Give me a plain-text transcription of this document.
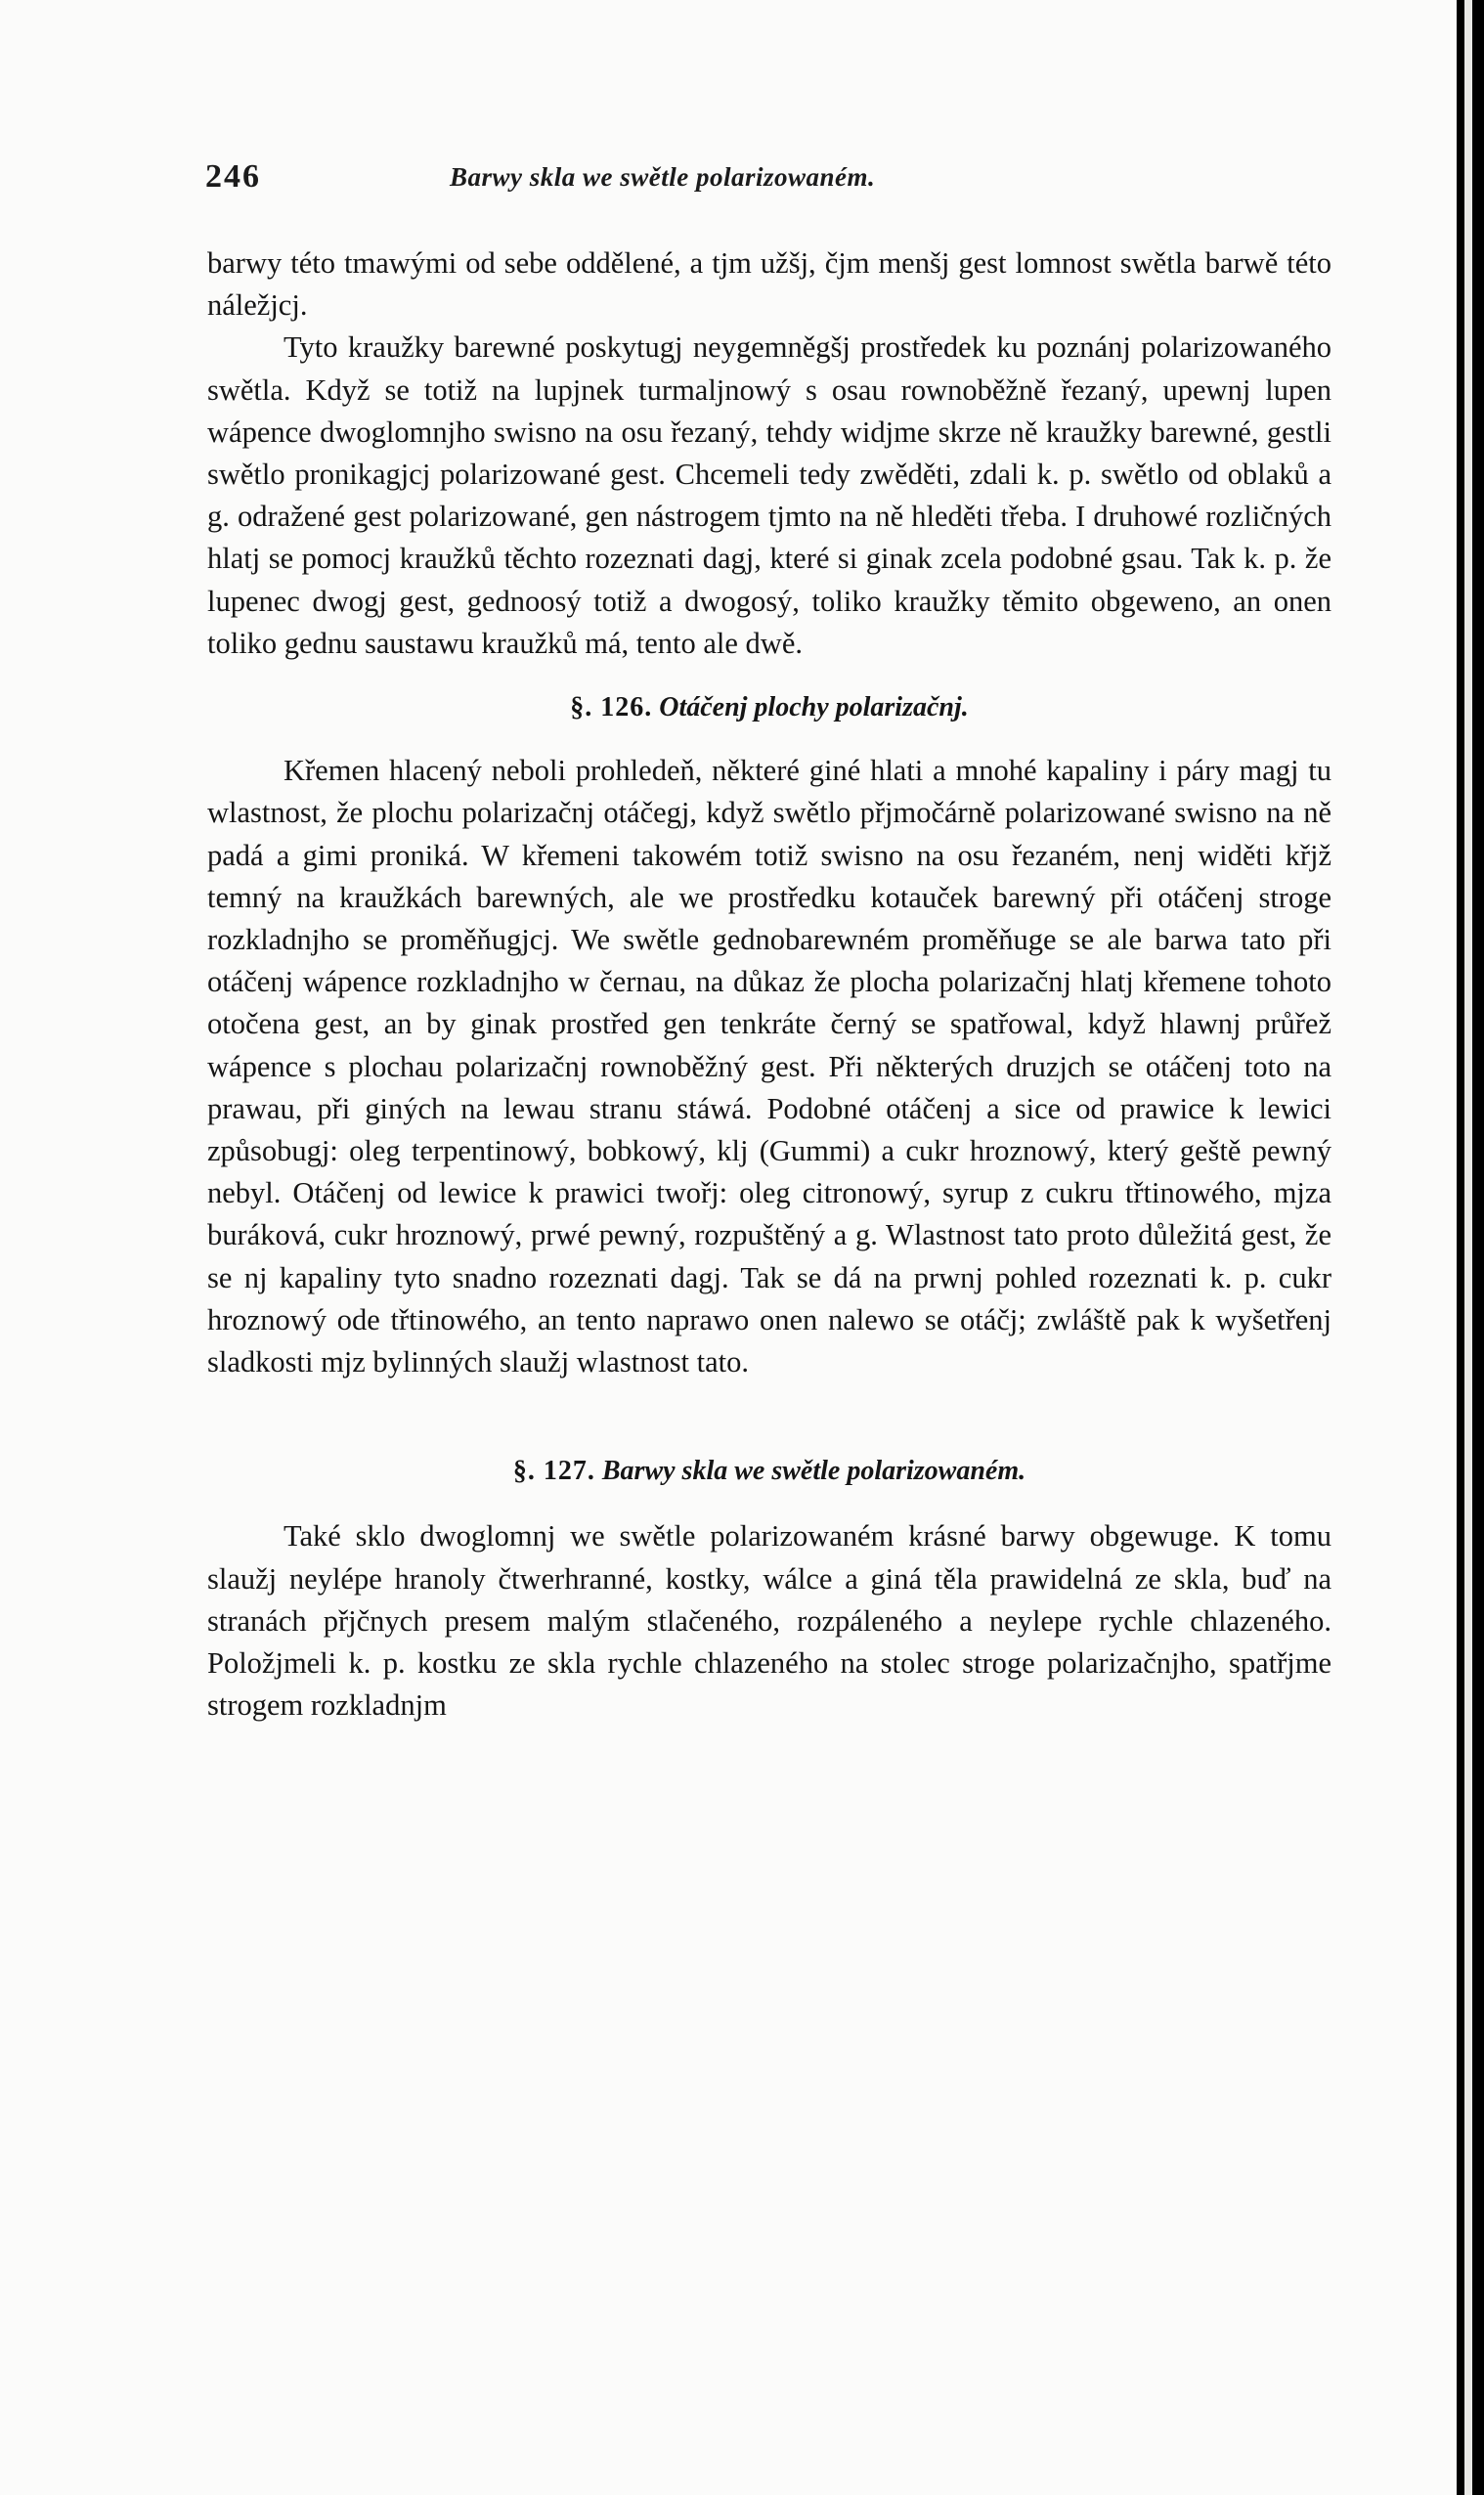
246	Barwy skla we swětle polarizowaném.

barwy této tmawými od sebe oddělené, a tjm užšj, čjm menšj gest lomnost swětla barwě této náležjcj.

Tyto kraužky barewné poskytugj neygemněgšj prostředek ku poznánj polarizowaného swětla. Když se totiž na lupjnek turmaljnowý s osau rownoběžně řezaný, upewnj lupen wápence dwoglomnjho swisno na osu řezaný, tehdy widjme skrze ně kraužky barewné, gestli swětlo pronikagjcj polarizowané gest. Chcemeli tedy zwěděti, zdali k. p. swětlo od oblaků a g. odražené gest polarizowané, gen nástrogem tjmto na ně hleděti třeba. I druhowé rozličných hlatj se pomocj kraužků těchto rozeznati dagj, které si ginak zcela podobné gsau. Tak k. p. že lupenec dwogj gest, gednoosý totiž a dwogosý, toliko kraužky těmito obgeweno, an onen toliko gednu saustawu kraužků má, tento ale dwě.

§. 126. Otáčenj plochy polarizačnj.

Křemen hlacený neboli prohledeň, některé giné hlati a mnohé kapaliny i páry magj tu wlastnost, že plochu polarizačnj otáčegj, když swětlo přjmočárně polarizowané swisno na ně padá a gimi proniká. W křemeni takowém totiž swisno na osu řezaném, nenj widěti křjž temný na kraužkách barewných, ale we prostředku kotauček barewný při otáčenj stroge rozkladnjho se proměňugjcj. We swětle gednobarewném proměňuge se ale barwa tato při otáčenj wápence rozkladnjho w černau, na důkaz že plocha polarizačnj hlatj křemene tohoto otočena gest, an by ginak prostřed gen tenkráte černý se spatřowal, když hlawnj průřež wápence s plochau polarizačnj rownoběžný gest. Při některých druzjch se otáčenj toto na prawau, při giných na lewau stranu stáwá. Podobné otáčenj a sice od prawice k lewici způsobugj: oleg terpentinowý, bobkowý, klj (Gummi) a cukr hroznowý, který geště pewný nebyl. Otáčenj od lewice k prawici twořj: oleg citronowý, syrup z cukru třtinowého, mjza buráková, cukr hroznowý, prwé pewný, rozpuštěný a g. Wlastnost tato proto důležitá gest, že se nj kapaliny tyto snadno rozeznati dagj. Tak se dá na prwnj pohled rozeznati k. p. cukr hroznowý ode třtinowého, an tento naprawo onen nalewo se otáčj; zwláště pak k wyšetřenj sladkosti mjz bylinných slaužj wlastnost tato.

§. 127. Barwy skla we swětle polarizowaném.

Také sklo dwoglomnj we swětle polarizowaném krásné barwy obgewuge. K tomu slaužj neylépe hranoly čtwerhranné, kostky, wálce a giná těla prawidelná ze skla, buď na stranách přjčnych presem malým stlačeného, rozpáleného a neylepe rychle chlazeného. Položjmeli k. p. kostku ze skla rychle chlazeného na stolec stroge polarizačnjho, spatřjme strogem rozkladnjm
